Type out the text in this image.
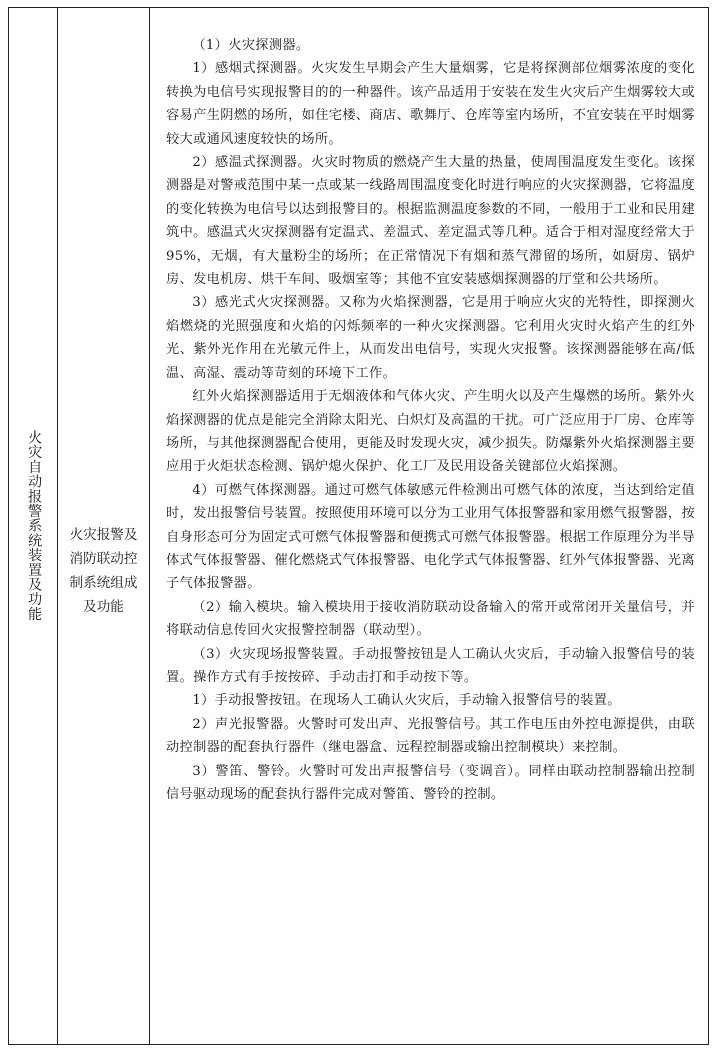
火灾自动报警系统装置及功能 火灾报警及消防联动控制系统组成及功能

（1）火灾探测器。

1）感烟式探测器。火灾发生早期会产生大量烟雾，它是将探测部位烟雾浓度的变化转换为电信号实现报警目的的一种器件。该产品适用于安装在发生火灾后产生烟雾较大或容易产生阴燃的场所，如住宅楼、商店、歌舞厅、仓库等室内场所，不宜安装在平时烟雾较大或通风速度较快的场所。

2）感温式探测器。火灾时物质的燃烧产生大量的热量，使周围温度发生变化。该探测器是对警戒范围中某一点或某一线路周围温度变化时进行响应的火灾探测器，它将温度的变化转换为电信号以达到报警目的。根据监测温度参数的不同，一般用于工业和民用建筑中。感温式火灾探测器有定温式、差温式、差定温式等几种。适合于相对湿度经常大于95%，无烟，有大量粉尘的场所；在正常情况下有烟和蒸气滞留的场所，如厨房、锅炉房、发电机房、烘干车间、吸烟室等；其他不宜安装感烟探测器的厅堂和公共场所。

3）感光式火灾探测器。又称为火焰探测器，它是用于响应火灾的光特性，即探测火焰燃烧的光照强度和火焰的闪烁频率的一种火灾探测器。它利用火灾时火焰产生的红外光、紫外光作用在光敏元件上，从而发出电信号，实现火灾报警。该探测器能够在高/低温、高湿、震动等苛刻的环境下工作。

红外火焰探测器适用于无烟液体和气体火灾、产生明火以及产生爆燃的场所。紫外火焰探测器的优点是能完全消除太阳光、白炽灯及高温的干扰。可广泛应用于厂房、仓库等场所，与其他探测器配合使用，更能及时发现火灾，减少损失。防爆紫外火焰探测器主要应用于火炬状态检测、锅炉熄火保护、化工厂及民用设备关键部位火焰探测。

4）可燃气体探测器。通过可燃气体敏感元件检测出可燃气体的浓度，当达到给定值时，发出报警信号装置。按照使用环境可以分为工业用气体报警器和家用燃气报警器，按自身形态可分为固定式可燃气体报警器和便携式可燃气体报警器。根据工作原理分为半导体式气体报警器、催化燃烧式气体报警器、电化学式气体报警器、红外气体报警器、光离子气体报警器。

（2）输入模块。输入模块用于接收消防联动设备输入的常开或常闭开关量信号，并将联动信息传回火灾报警控制器（联动型）。

（3）火灾现场报警装置。手动报警按钮是人工确认火灾后，手动输入报警信号的装置。操作方式有手按按碎、手动击打和手动按下等。

1）手动报警按钮。在现场人工确认火灾后，手动输入报警信号的装置。

2）声光报警器。火警时可发出声、光报警信号。其工作电压由外控电源提供，由联动控制器的配套执行器件（继电器盒、远程控制器或输出控制模块）来控制。

3）警笛、警铃。火警时可发出声报警信号（变调音）。同样由联动控制器输出控制信号驱动现场的配套执行器件完成对警笛、警铃的控制。
